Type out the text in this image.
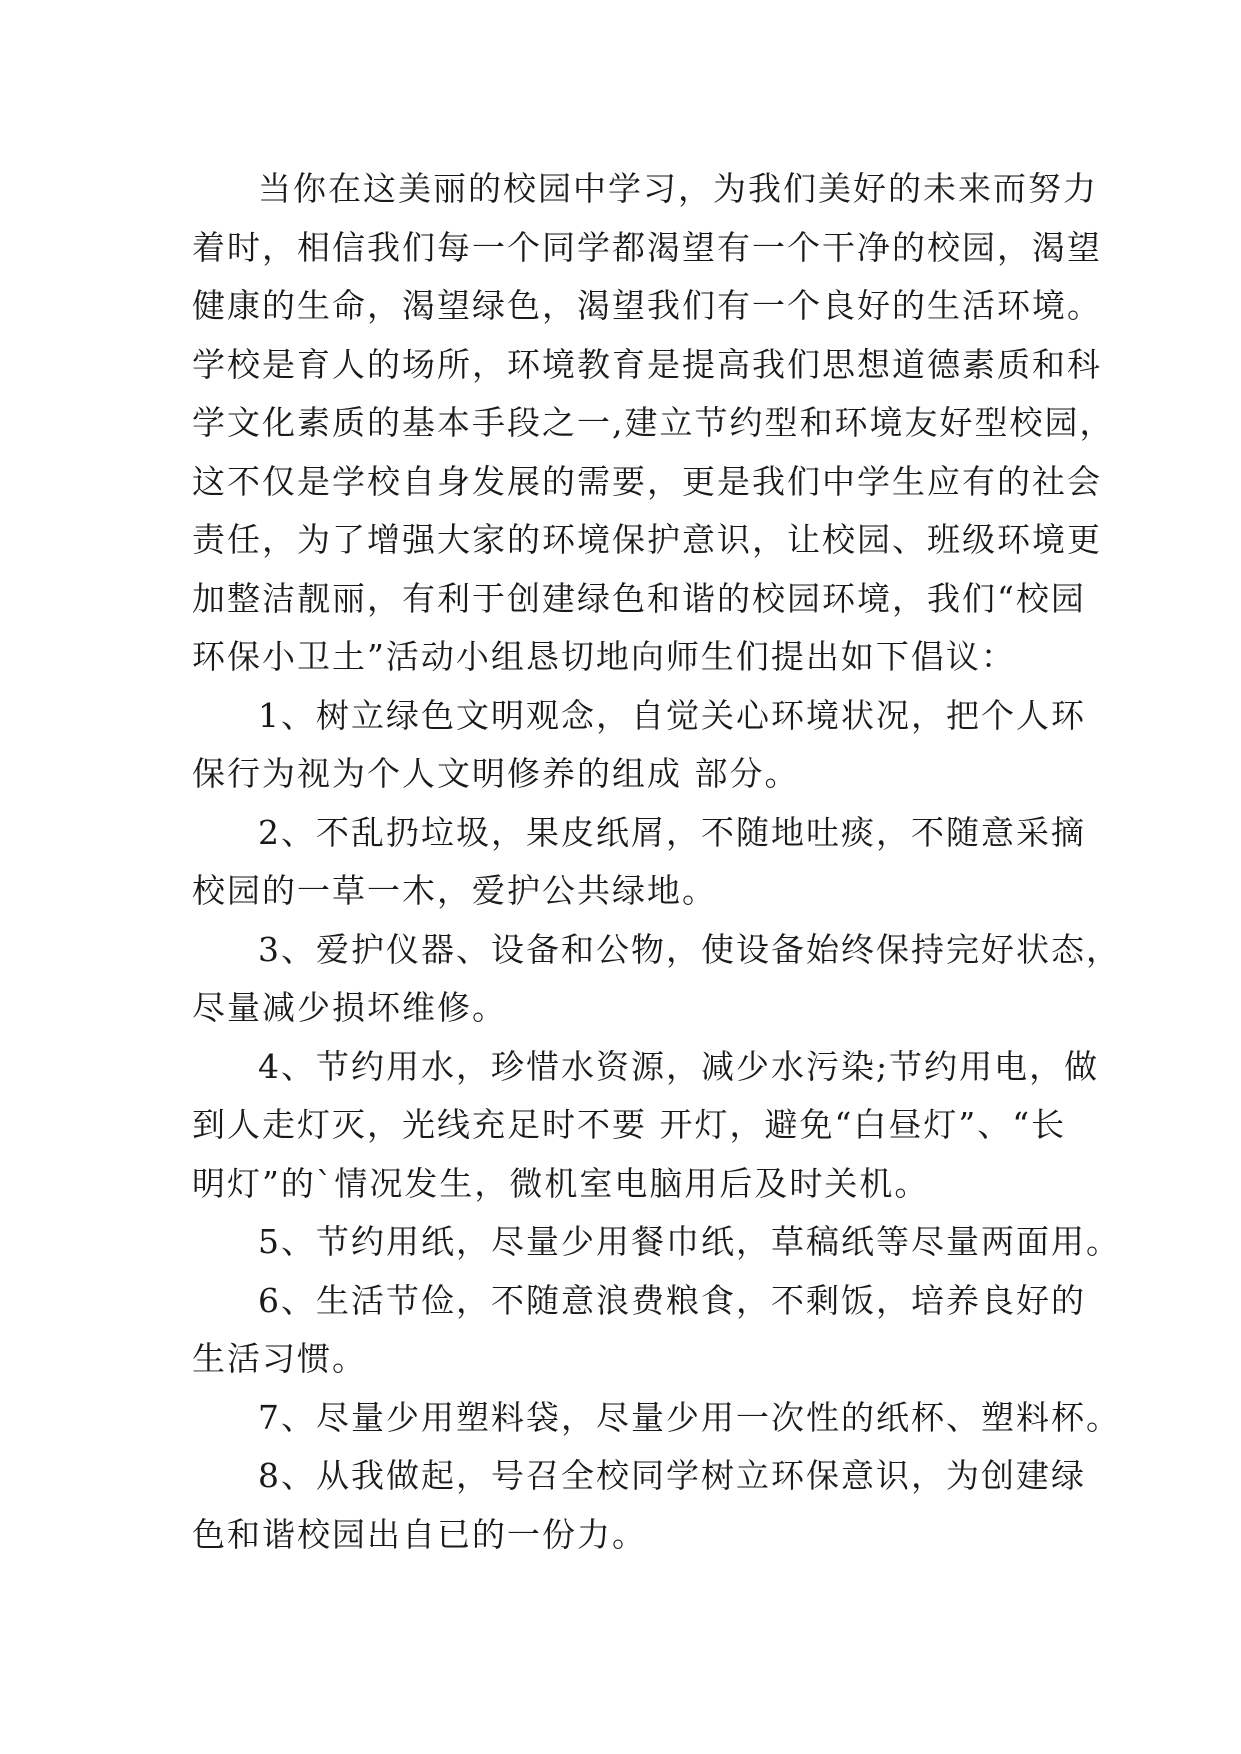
当你在这美丽的校园中学习，为我们美好的未来而努力
着时，相信我们每一个同学都渴望有一个干净的校园，渴望
健康的生命，渴望绿色，渴望我们有一个良好的生活环境。
学校是育人的场所，环境教育是提高我们思想道德素质和科
学文化素质的基本手段之一,建立节约型和环境友好型校园，
这不仅是学校自身发展的需要，更是我们中学生应有的社会
责任，为了增强大家的环境保护意识，让校园、班级环境更
加整洁靓丽，有利于创建绿色和谐的校园环境，我们“校园
环保小卫土”活动小组恳切地向师生们提出如下倡议：
1、树立绿色文明观念，自觉关心环境状况，把个人环
保行为视为个人文明修养的组成 部分。
2、不乱扔垃圾，果皮纸屑，不随地吐痰，不随意采摘
校园的一草一木，爱护公共绿地。
3、爱护仪器、设备和公物，使设备始终保持完好状态，
尽量减少损坏维修。
4、节约用水，珍惜水资源，减少水污染;节约用电，做
到人走灯灭，光线充足时不要 开灯，避免“白昼灯”、“长
明灯”的`情况发生，微机室电脑用后及时关机。
5、节约用纸，尽量少用餐巾纸，草稿纸等尽量两面用。
6、生活节俭，不随意浪费粮食，不剩饭，培养良好的
生活习惯。
7、尽量少用塑料袋，尽量少用一次性的纸杯、塑料杯。
8、从我做起，号召全校同学树立环保意识，为创建绿
色和谐校园出自已的一份力。
